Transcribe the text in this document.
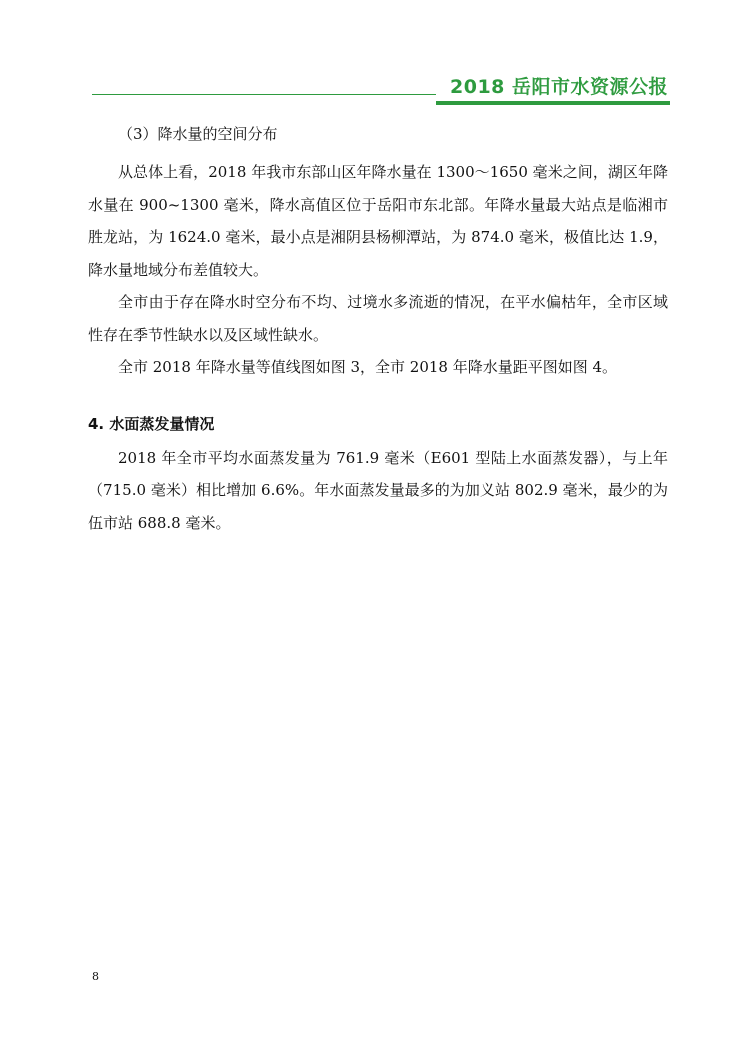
2018 岳阳市水资源公报

（3）降水量的空间分布

从总体上看，2018 年我市东部山区年降水量在 1300～1650 毫米之间，湖区年降水量在 900~1300 毫米，降水高值区位于岳阳市东北部。年降水量最大站点是临湘市胜龙站，为 1624.0 毫米，最小点是湘阴县杨柳潭站，为 874.0 毫米，极值比达 1.9，降水量地域分布差值较大。

全市由于存在降水时空分布不均、过境水多流逝的情况，在平水偏枯年，全市区域性存在季节性缺水以及区域性缺水。

全市 2018 年降水量等值线图如图 3，全市 2018 年降水量距平图如图 4。

4. 水面蒸发量情况

2018 年全市平均水面蒸发量为 761.9 毫米（E601 型陆上水面蒸发器），与上年（715.0 毫米）相比增加 6.6%。年水面蒸发量最多的为加义站 802.9 毫米，最少的为伍市站 688.8 毫米。

8
